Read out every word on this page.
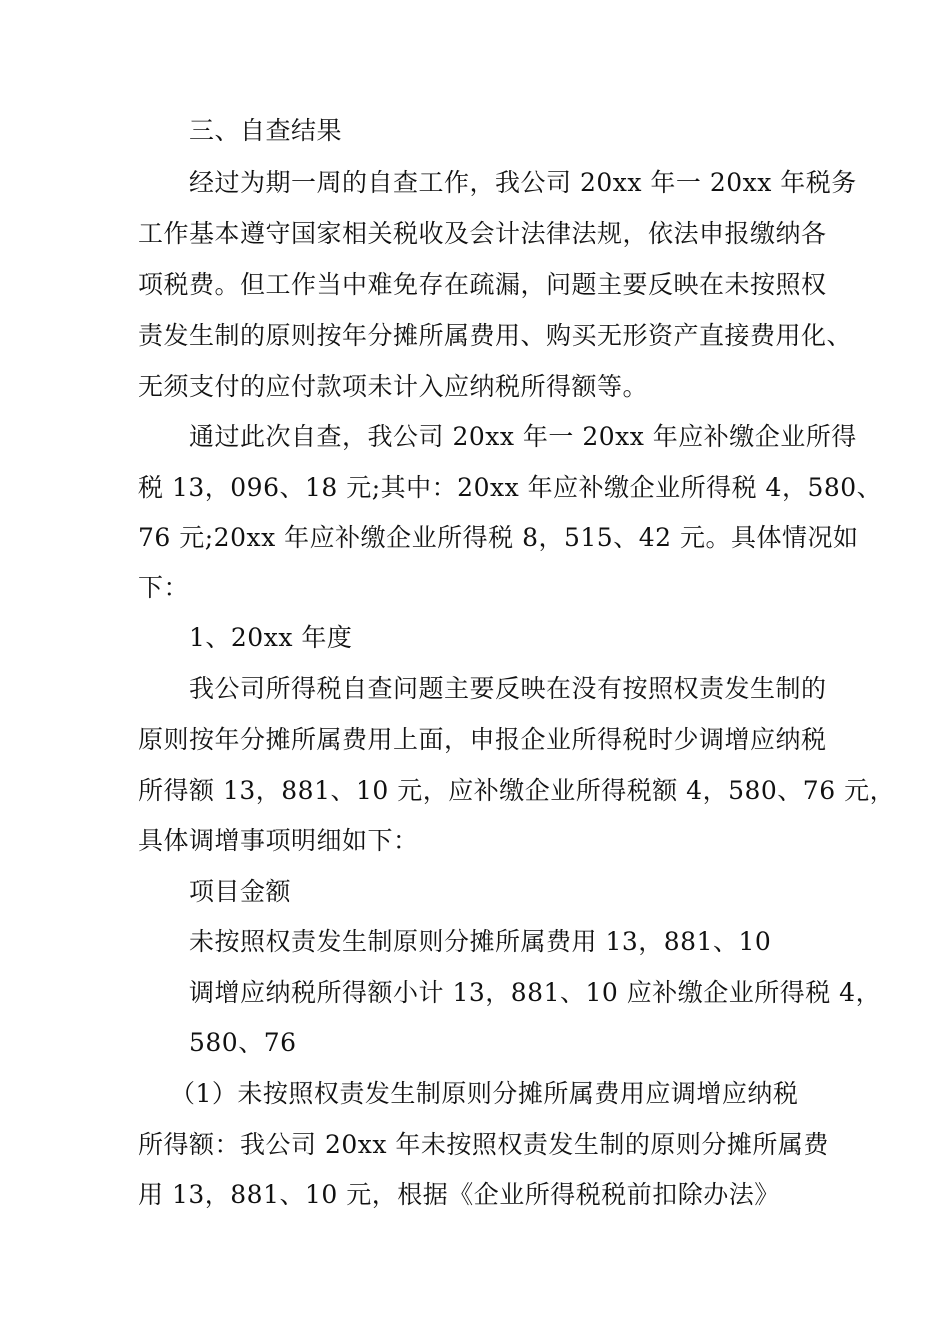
三、自查结果
经过为期一周的自查工作，我公司 20xx 年一 20xx 年税务
工作基本遵守国家相关税收及会计法律法规，依法申报缴纳各
项税费。但工作当中难免存在疏漏，问题主要反映在未按照权
责发生制的原则按年分摊所属费用、购买无形资产直接费用化、
无须支付的应付款项未计入应纳税所得额等。
通过此次自查，我公司 20xx 年一 20xx 年应补缴企业所得
税 13，096、18 元;其中：20xx 年应补缴企业所得税 4，580、
76 元;20xx 年应补缴企业所得税 8，515、42 元。具体情况如
下：
1、20xx 年度
我公司所得税自查问题主要反映在没有按照权责发生制的
原则按年分摊所属费用上面，申报企业所得税时少调增应纳税
所得额 13，881、10 元，应补缴企业所得税额 4，580、76 元，
具体调增事项明细如下：
项目金额
未按照权责发生制原则分摊所属费用 13，881、10
调增应纳税所得额小计 13，881、10 应补缴企业所得税 4，
580、76
（1）未按照权责发生制原则分摊所属费用应调增应纳税
所得额：我公司 20xx 年未按照权责发生制的原则分摊所属费
用 13，881、10 元，根据《企业所得税税前扣除办法》
